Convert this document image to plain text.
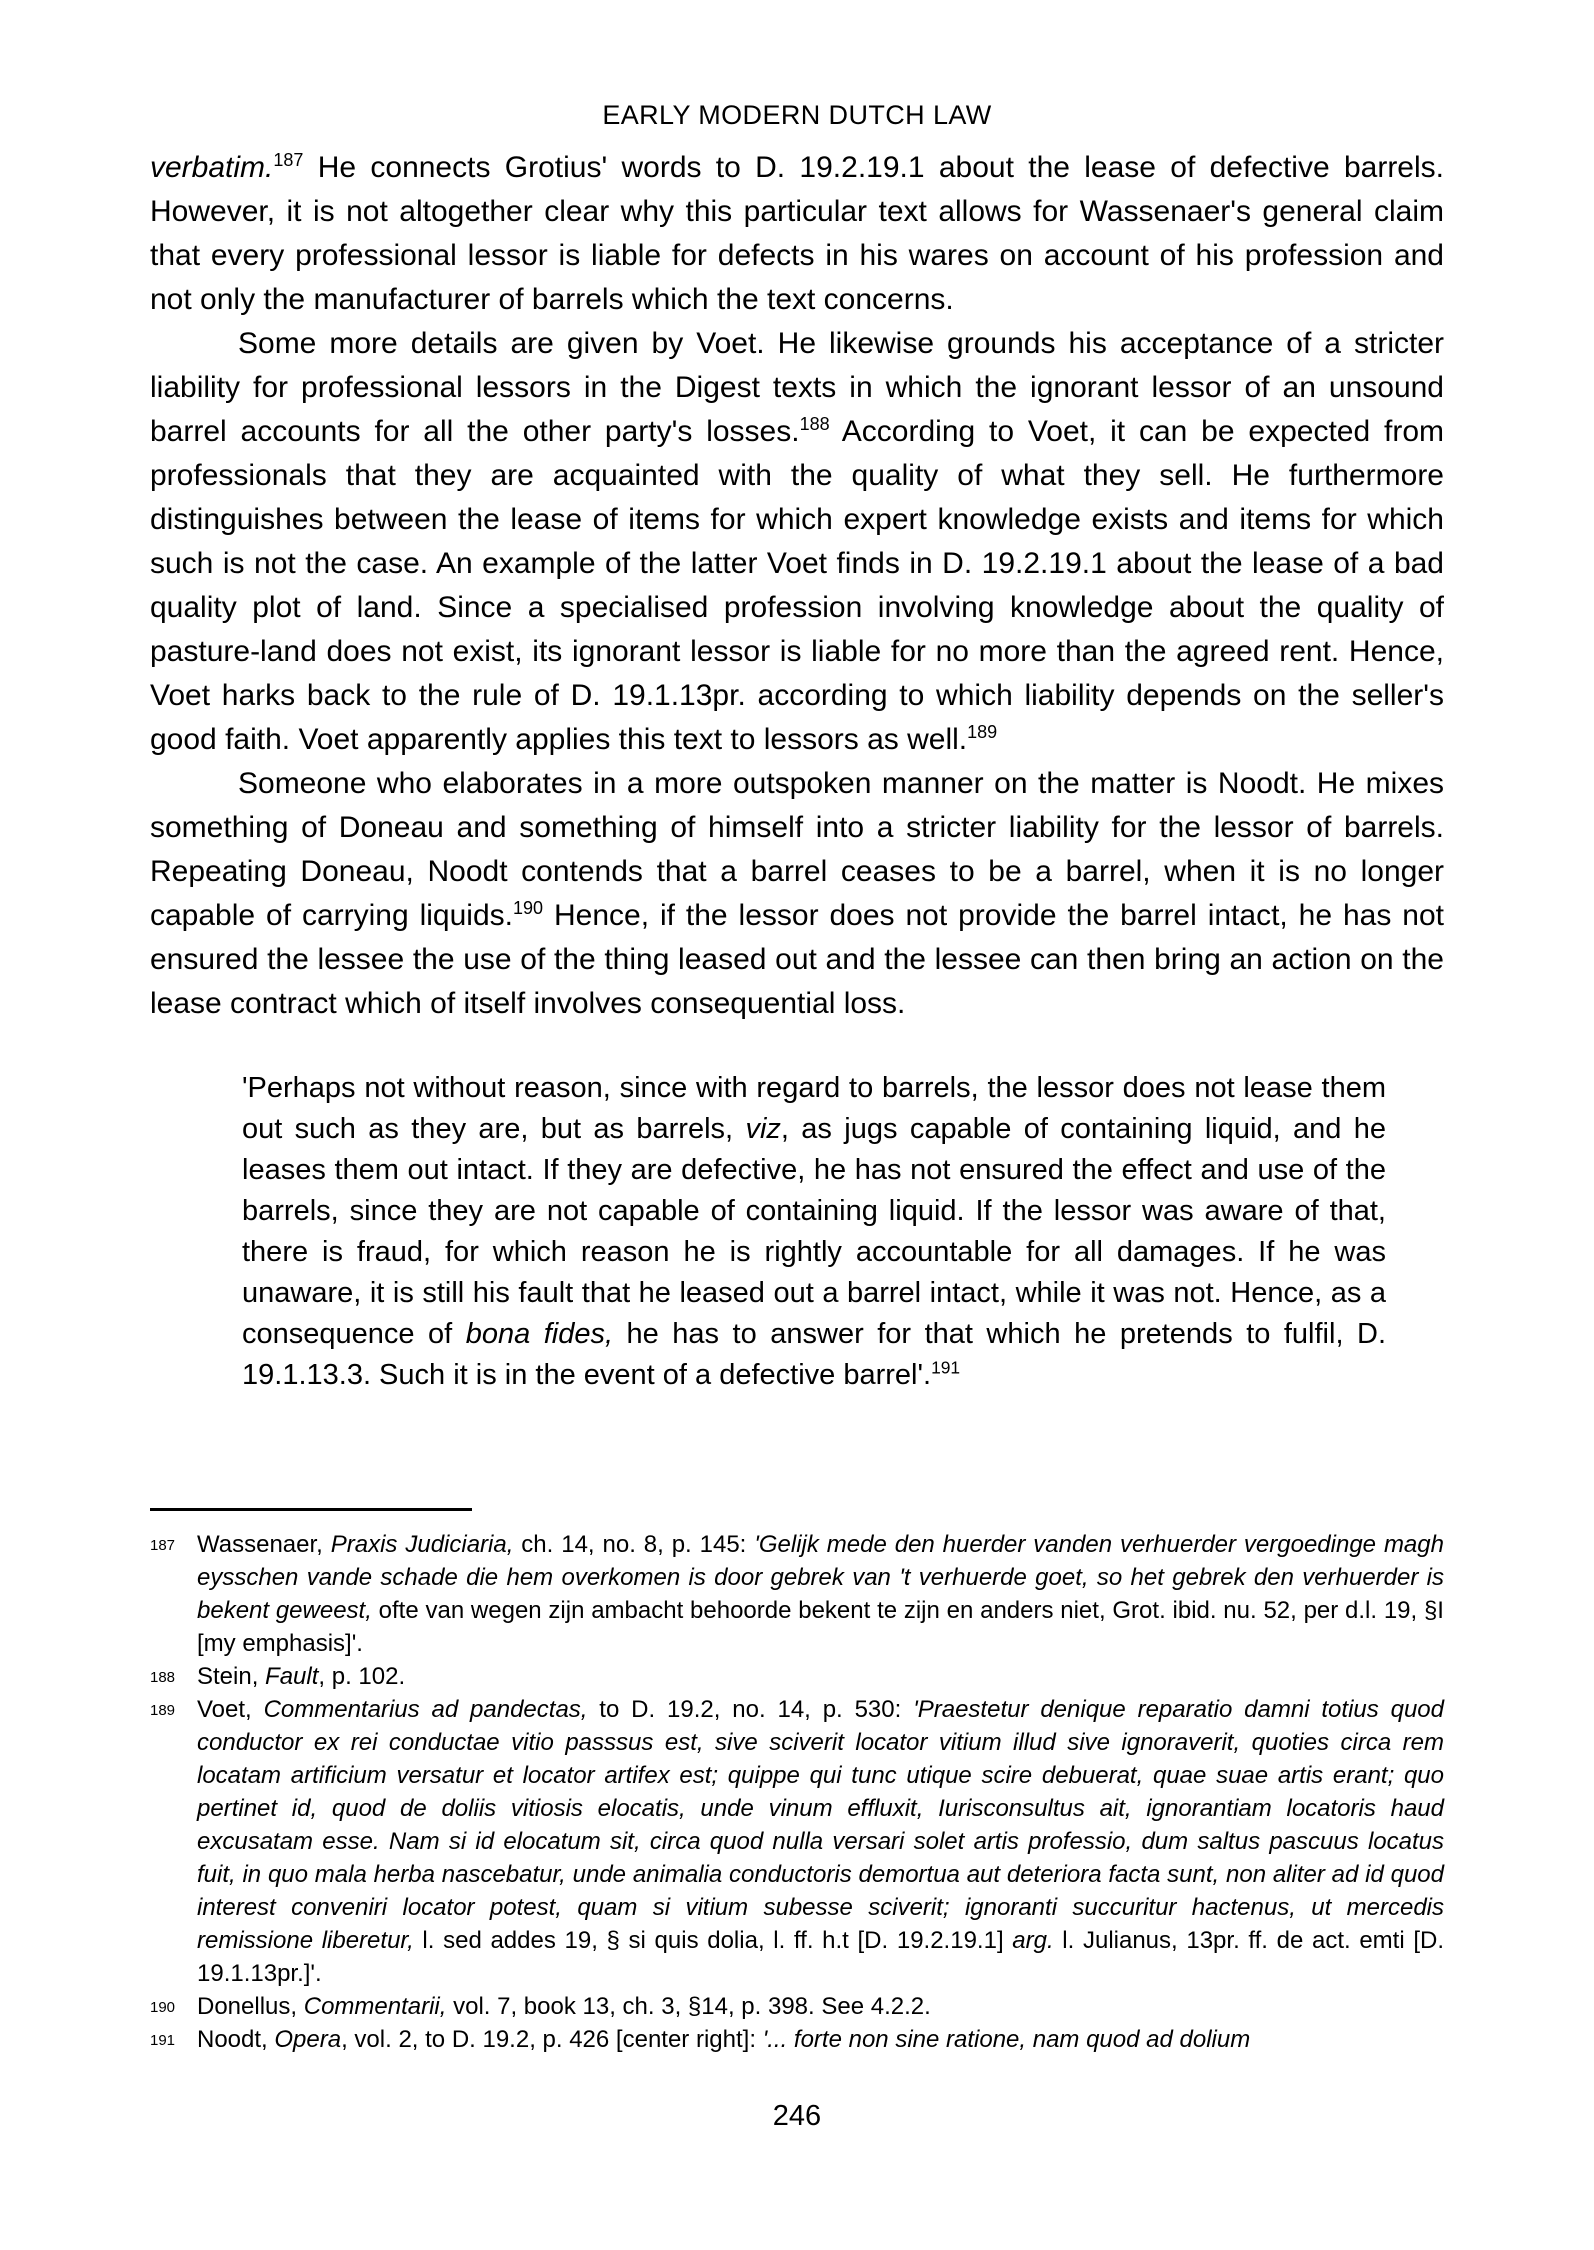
EARLY MODERN DUTCH LAW

verbatim.$^{187}$ He connects Grotius' words to D. 19.2.19.1 about the lease of defective barrels. However, it is not altogether clear why this particular text allows for Wassenaer's general claim that every professional lessor is liable for defects in his wares on account of his profession and not only the manufacturer of barrels which the text concerns.

Some more details are given by Voet. He likewise grounds his acceptance of a stricter liability for professional lessors in the Digest texts in which the ignorant lessor of an unsound barrel accounts for all the other party's losses.$^{188}$ According to Voet, it can be expected from professionals that they are acquainted with the quality of what they sell. He furthermore distinguishes between the lease of items for which expert knowledge exists and items for which such is not the case. An example of the latter Voet finds in D. 19.2.19.1 about the lease of a bad quality plot of land. Since a specialised profession involving knowledge about the quality of pasture-land does not exist, its ignorant lessor is liable for no more than the agreed rent. Hence, Voet harks back to the rule of D. 19.1.13pr. according to which liability depends on the seller's good faith. Voet apparently applies this text to lessors as well.$^{189}$

Someone who elaborates in a more outspoken manner on the matter is Noodt. He mixes something of Doneau and something of himself into a stricter liability for the lessor of barrels. Repeating Doneau, Noodt contends that a barrel ceases to be a barrel, when it is no longer capable of carrying liquids.$^{190}$ Hence, if the lessor does not provide the barrel intact, he has not ensured the lessee the use of the thing leased out and the lessee can then bring an action on the lease contract which of itself involves consequential loss.

'Perhaps not without reason, since with regard to barrels, the lessor does not lease them out such as they are, but as barrels, viz, as jugs capable of containing liquid, and he leases them out intact. If they are defective, he has not ensured the effect and use of the barrels, since they are not capable of containing liquid. If the lessor was aware of that, there is fraud, for which reason he is rightly accountable for all damages. If he was unaware, it is still his fault that he leased out a barrel intact, while it was not. Hence, as a consequence of bona fides, he has to answer for that which he pretends to fulfil, D. 19.1.13.3. Such it is in the event of a defective barrel'.$^{191}$

187 Wassenaer, Praxis Judiciaria, ch. 14, no. 8, p. 145: 'Gelijk mede den huerder vanden verhuerder vergoedinge magh eysschen vande schade die hem overkomen is door gebrek van 't verhuerde goet, so het gebrek den verhuerder is bekent geweest, ofte van wegen zijn ambacht behoorde bekent te zijn en anders niet, Grot. ibid. nu. 52, per d.l. 19, §I [my emphasis]'.

188 Stein, Fault, p. 102.

189 Voet, Commentarius ad pandectas, to D. 19.2, no. 14, p. 530: 'Praestetur denique reparatio damni totius quod conductor ex rei conductae vitio passsus est, sive sciverit locator vitium illud sive ignoraverit, quoties circa rem locatam artificium versatur et locator artifex est; quippe qui tunc utique scire debuerat, quae suae artis erant; quo pertinet id, quod de doliis vitiosis elocatis, unde vinum effluxit, Iurisconsultus ait, ignorantiam locatoris haud excusatam esse. Nam si id elocatum sit, circa quod nulla versari solet artis professio, dum saltus pascuus locatus fuit, in quo mala herba nascebatur, unde animalia conductoris demortua aut deteriora facta sunt, non aliter ad id quod interest conveniri locator potest, quam si vitium subesse sciverit; ignoranti succuritur hactenus, ut mercedis remissione liberetur, l. sed addes 19, § si quis dolia, l. ff. h.t [D. 19.2.19.1] arg. l. Julianus, 13pr. ff. de act. emti [D. 19.1.13pr.]'.

190 Donellus, Commentarii, vol. 7, book 13, ch. 3, §14, p. 398. See 4.2.2.

191 Noodt, Opera, vol. 2, to D. 19.2, p. 426 [center right]: '... forte non sine ratione, nam quod ad dolium

246
